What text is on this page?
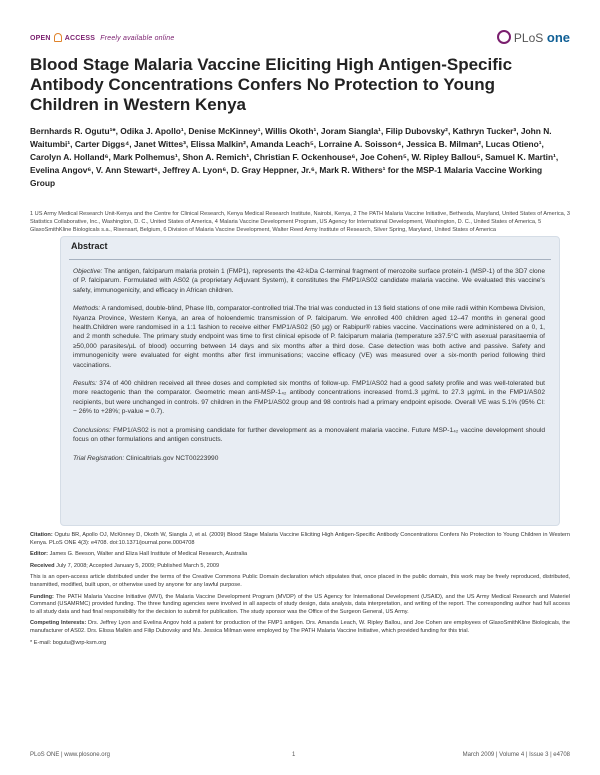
OPEN ACCESS Freely available online	PLoS one
Blood Stage Malaria Vaccine Eliciting High Antigen-Specific Antibody Concentrations Confers No Protection to Young Children in Western Kenya
Bernhards R. Ogutu¹*, Odika J. Apollo¹, Denise McKinney¹, Willis Okoth¹, Joram Siangla¹, Filip Dubovsky², Kathryn Tucker³, John N. Waitumbi¹, Carter Diggs⁴, Janet Wittes³, Elissa Malkin², Amanda Leach⁵, Lorraine A. Soisson⁴, Jessica B. Milman², Lucas Otieno¹, Carolyn A. Holland⁶, Mark Polhemus¹, Shon A. Remich¹, Christian F. Ockenhouse⁶, Joe Cohen⁵, W. Ripley Ballou⁵, Samuel K. Martin¹, Evelina Angov⁶, V. Ann Stewart⁶, Jeffrey A. Lyon⁶, D. Gray Heppner, Jr.⁶, Mark R. Withers¹ for the MSP-1 Malaria Vaccine Working Group
1 US Army Medical Research Unit-Kenya and the Centre for Clinical Research, Kenya Medical Research Institute, Nairobi, Kenya, 2 The PATH Malaria Vaccine Initiative, Bethesda, Maryland, United States of America, 3 Statistics Collaborative, Inc., Washington, D. C., United States of America, 4 Malaria Vaccine Development Program, US Agency for International Development, Washington, D. C., United States of America, 5 GlaxoSmithKline Biologicals s.a., Rixensart, Belgium, 6 Division of Malaria Vaccine Development, Walter Reed Army Institute of Research, Silver Spring, Maryland, United States of America
Abstract

Objective: The antigen, falciparum malaria protein 1 (FMP1), represents the 42-kDa C-terminal fragment of merozoite surface protein-1 (MSP-1) of the 3D7 clone of P. falciparum. Formulated with AS02 (a proprietary Adjuvant System), it constitutes the FMP1/AS02 candidate malaria vaccine. We evaluated this vaccine's safety, immunogenicity, and efficacy in African children.

Methods: A randomised, double-blind, Phase IIb, comparator-controlled trial.The trial was conducted in 13 field stations of one mile radii within Kombewa Division, Nyanza Province, Western Kenya, an area of holoendemic transmission of P. falciparum. We enrolled 400 children aged 12–47 months in general good health.Children were randomised in a 1:1 fashion to receive either FMP1/AS02 (50 µg) or Rabipur® rabies vaccine. Vaccinations were administered on a 0, 1, and 2 month schedule. The primary study endpoint was time to first clinical episode of P. falciparum malaria (temperature ≥37.5°C with asexual parasitaemia of ≥50,000 parasites/µL of blood) occurring between 14 days and six months after a third dose. Case detection was both active and passive. Safety and immunogenicity were evaluated for eight months after first immunisations; vaccine efficacy (VE) was measured over a six-month period following third vaccinations.

Results: 374 of 400 children received all three doses and completed six months of follow-up. FMP1/AS02 had a good safety profile and was well-tolerated but more reactogenic than the comparator. Geometric mean anti-MSP-1₄₂ antibody concentrations increased from1.3 µg/mL to 27.3 µg/mL in the FMP1/AS02 recipients, but were unchanged in controls. 97 children in the FMP1/AS02 group and 98 controls had a primary endpoint episode. Overall VE was 5.1% (95% CI: − 26% to +28%; p-value = 0.7).

Conclusions: FMP1/AS02 is not a promising candidate for further development as a monovalent malaria vaccine. Future MSP-1₄₂ vaccine development should focus on other formulations and antigen constructs.

Trial Registration: Clinicaltrials.gov NCT00223990

Citation: Ogutu BR, Apollo OJ, McKinney D, Okoth W, Siangla J, et al. (2009) Blood Stage Malaria Vaccine Eliciting High Antigen-Specific Antibody Concentrations Confers No Protection to Young Children in Western Kenya. PLoS ONE 4(3): e4708. doi:10.1371/journal.pone.0004708

Editor: James G. Beeson, Walter and Eliza Hall Institute of Medical Research, Australia

Received July 7, 2008; Accepted January 5, 2009; Published March 5, 2009

This is an open-access article distributed under the terms of the Creative Commons Public Domain declaration which stipulates that, once placed in the public domain, this work may be freely reproduced, distributed, transmitted, modified, built upon, or otherwise used by anyone for any lawful purpose.

Funding: The PATH Malaria Vaccine Initiative (MVI), the Malaria Vaccine Development Program (MVDP) of the US Agency for International Development (USAID), and the US Army Medical Research and Materiel Command (USAMRMC) provided funding. The three funding agencies were involved in all aspects of study design, data analysis, data interpretation, and writing of the report. The corresponding author had full access to all study data and had final responsibility for the decision to submit for publication. The study sponsor was the Office of the Surgeon General, US Army.

Competing Interests: Drs. Jeffrey Lyon and Evelina Angov hold a patent for production of the FMP1 antigen. Drs. Amanda Leach, W. Ripley Ballou, and Joe Cohen are employees of GlaxoSmithKline Biologicals, the manufacturer of AS02. Drs. Elissa Malkin and Filip Dubovsky and Ms. Jessica Milman were employed by The PATH Malaria Vaccine Initiative, which provided funding for this trial.

* E-mail: bogutu@wrp-ksm.org

PLoS ONE | www.plosone.org	1	March 2009 | Volume 4 | Issue 3 | e4708
